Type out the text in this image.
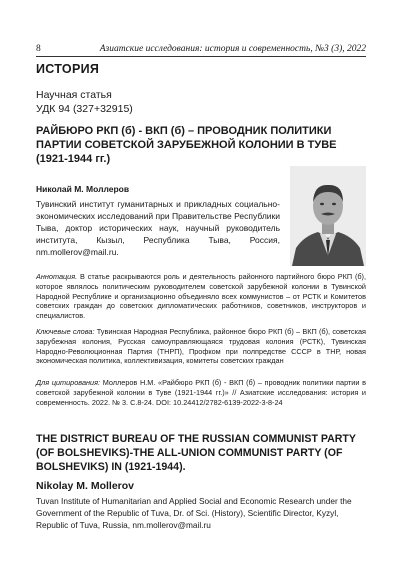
8	Азиатские исследования: история и современность, №3 (3), 2022
ИСТОРИЯ
Научная статья
УДК 94 (327+32915)
РАЙБЮРО РКП (б) - ВКП (б) – ПРОВОДНИК ПОЛИТИКИ ПАРТИИ СОВЕТСКОЙ ЗАРУБЕЖНОЙ КОЛОНИИ В ТУВЕ (1921-1944 гг.)
Николай М. Моллеров
Тувинский институт гуманитарных и прикладных социально-экономических исследований при Правительстве Республики Тыва, доктор исторических наук, научный руководитель института, Кызыл, Республика Тыва, Россия, nm.mollerov@mail.ru.
Аннотация. В статье раскрываются роль и деятельность районного партийного бюро РКП (б), которое являлось политическим руководителем советской зарубежной колонии в Тувинской Народной Республике и организационно объединяло всех коммунистов – от РСТК и Комитетов советских граждан до советских дипломатических работников, советников, инструкторов и специалистов.
Ключевые слова: Тувинская Народная Республика, районное бюро РКП (б) – ВКП (б), советская зарубежная колония, Русская самоуправляющаяся трудовая колония (РСТК), Тувинская Народно-Революционная Партия (ТНРП), Профком при полпредстве СССР в ТНР, новая экономическая политика, коллективизация, комитеты советских граждан
Для цитирования: Моллеров Н.М. «Райбюро РКП (б) - ВКП (б) – проводник политики партии в советской зарубежной колонии в Туве (1921-1944 гг.)» // Азиатские исследования: история и современность. 2022. № 3. С.8-24. DOI: 10.24412/2782-6139-2022-3-8-24
THE DISTRICT BUREAU OF THE RUSSIAN COMMUNIST PARTY (OF BOLSHEVIKS)-THE ALL-UNION COMMUNIST PARTY (OF BOLSHEVIKS) IN (1921-1944).
Nikolay M. Mollerov
Tuvan Institute of Humanitarian and Applied Social and Economic Research under the Government of the Republic of Tuva, Dr. of Sci. (History), Scientific Director, Kyzyl, Republic of Tuva, Russia, nm.mollerov@mail.ru
